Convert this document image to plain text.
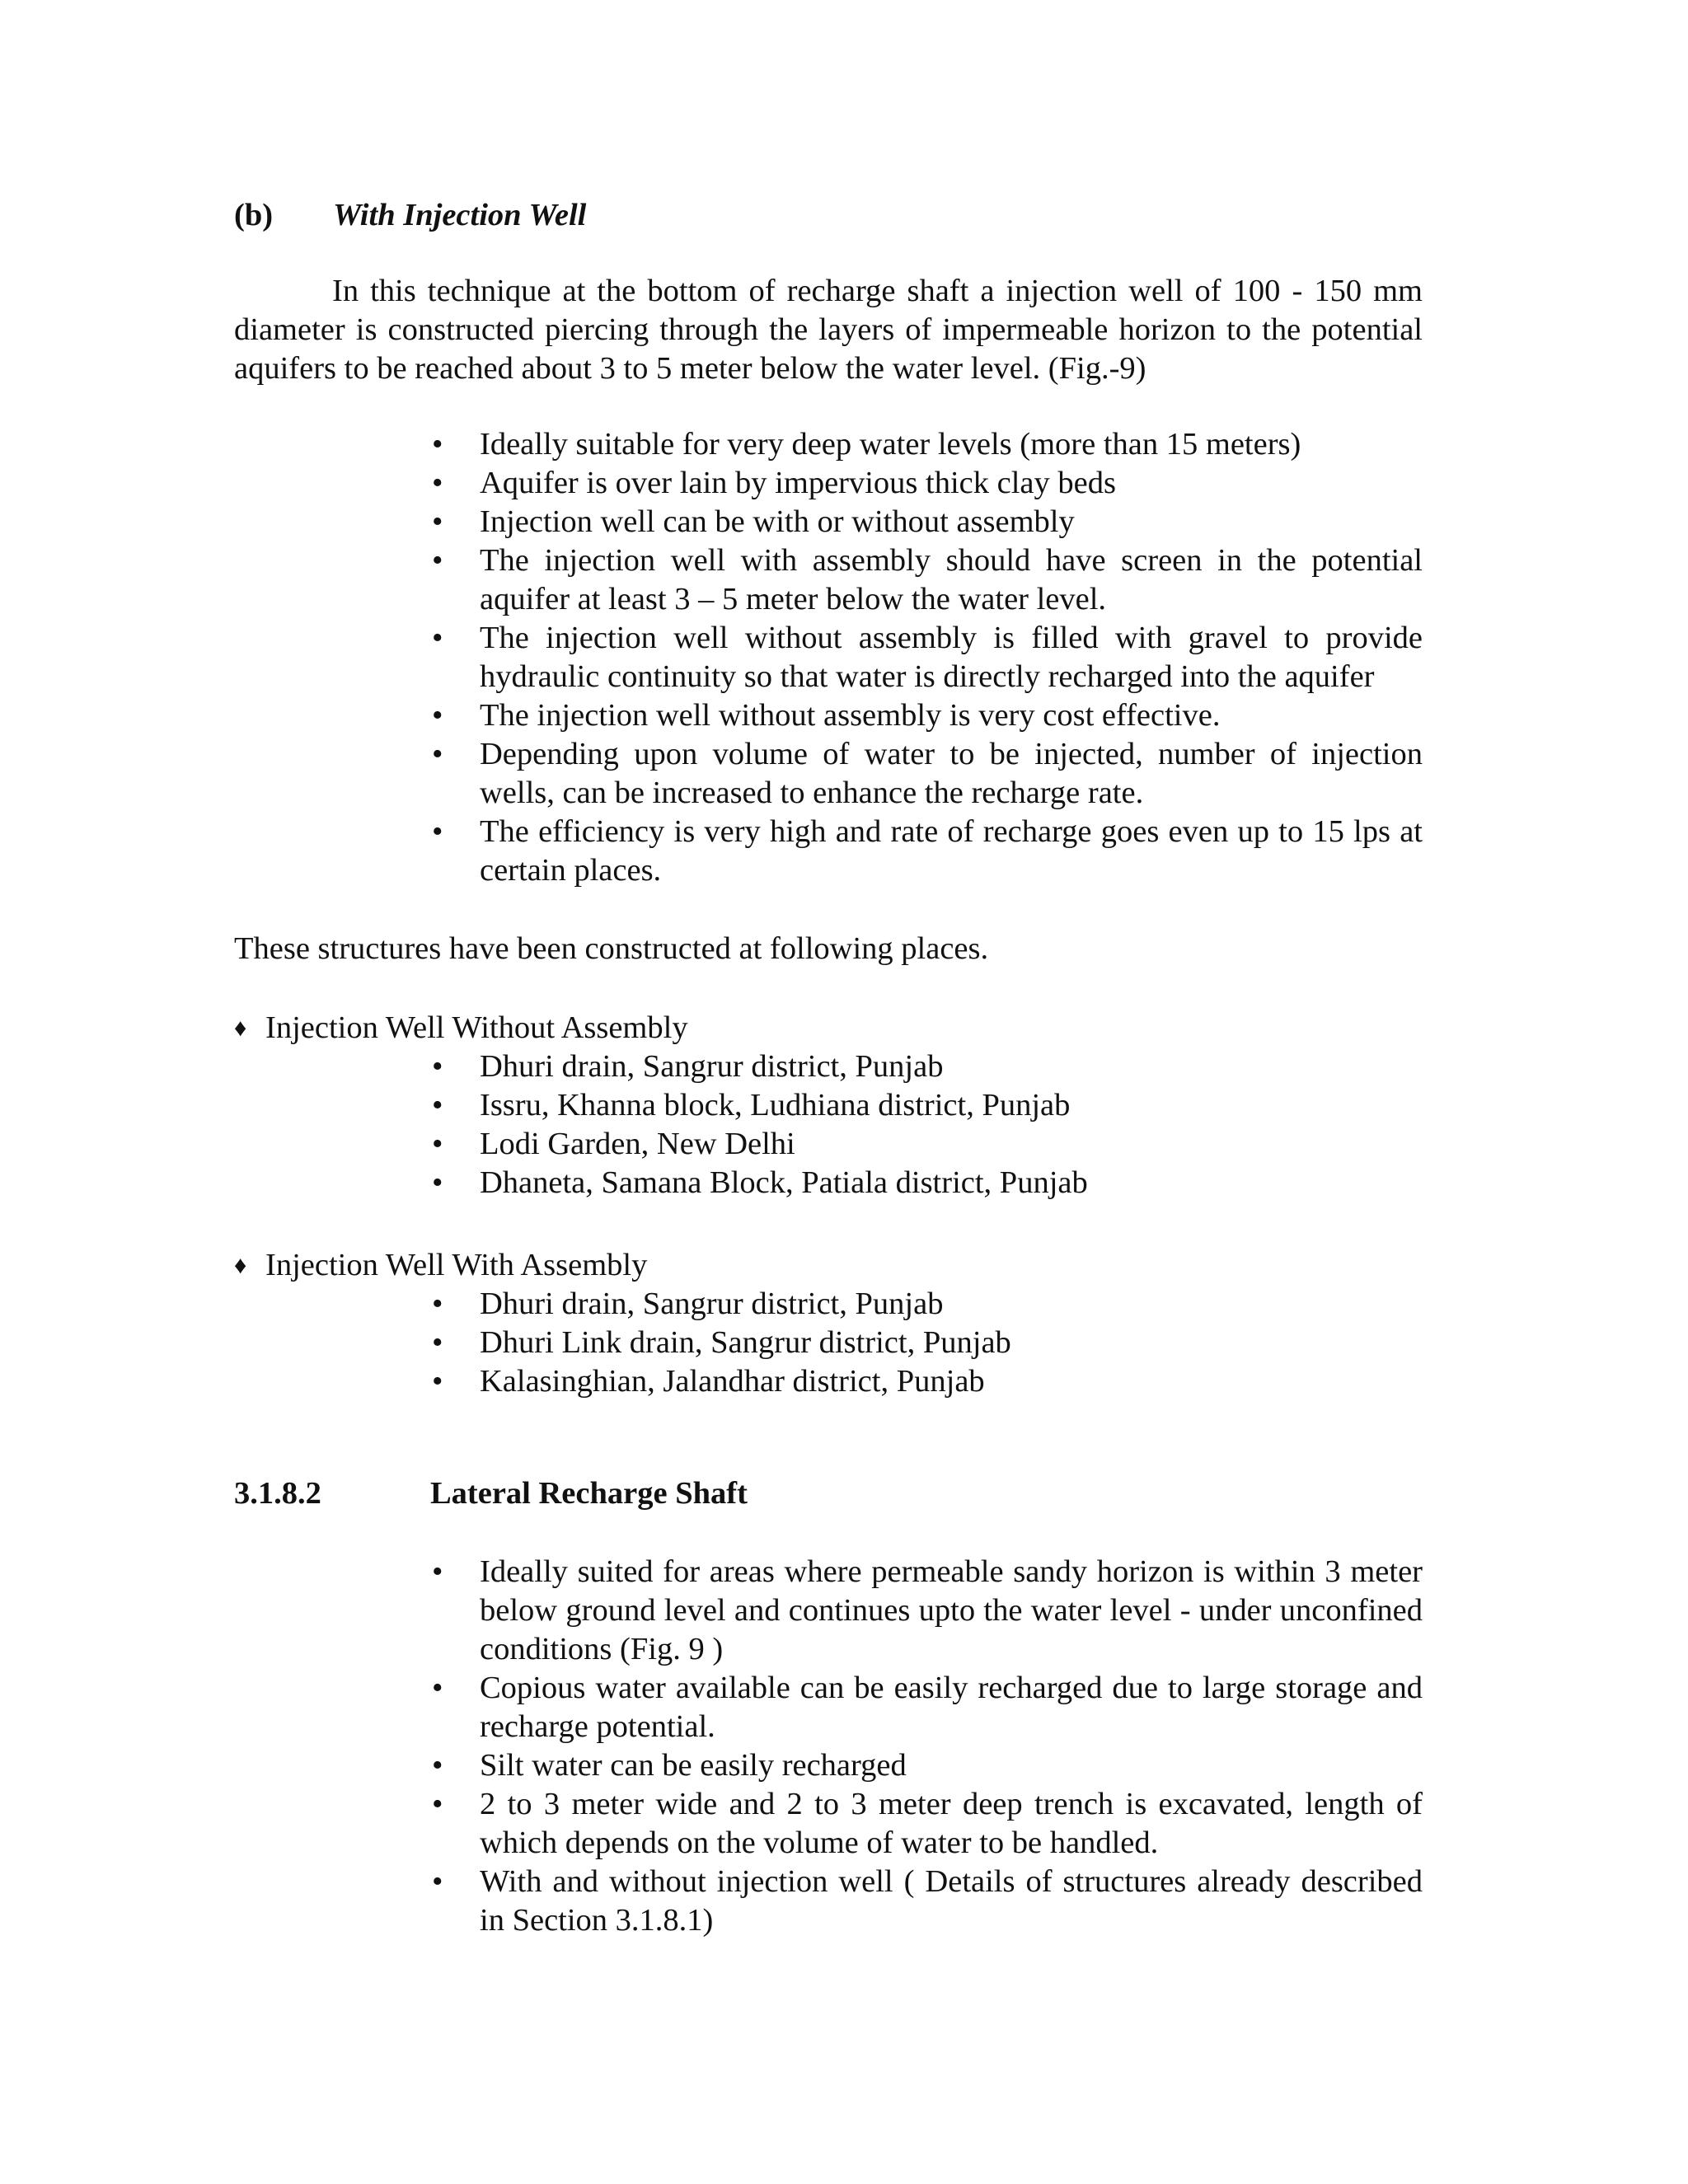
(b) With Injection Well

In this technique at the bottom of recharge shaft a injection well of 100 - 150 mm diameter is constructed piercing through the layers of impermeable horizon to the potential aquifers to be reached about 3 to 5 meter below the water level. (Fig.-9)

• Ideally suitable for very deep water levels (more than 15 meters)
• Aquifer is over lain by impervious thick clay beds
• Injection well can be with or without assembly
• The injection well with assembly should have screen in the potential aquifer at least 3 – 5 meter below the water level.
• The injection well without assembly is filled with gravel to provide hydraulic continuity so that water is directly recharged into the aquifer
• The injection well without assembly is very cost effective.
• Depending upon volume of water to be injected, number of injection wells, can be increased to enhance the recharge rate.
• The efficiency is very high and rate of recharge goes even up to 15 lps at certain places.
These structures have been constructed at following places.
♦ Injection Well Without Assembly
• Dhuri drain, Sangrur district, Punjab
• Issru, Khanna block, Ludhiana district, Punjab
• Lodi Garden, New Delhi
• Dhaneta, Samana Block, Patiala district, Punjab
♦ Injection Well With Assembly
• Dhuri drain, Sangrur district, Punjab
• Dhuri Link drain, Sangrur district, Punjab
• Kalasinghian, Jalandhar district, Punjab
3.1.8.2	Lateral Recharge Shaft
• Ideally suited for areas where permeable sandy horizon is within 3 meter below ground level and continues upto the water level - under unconfined conditions (Fig. 9 )
• Copious water available can be easily recharged due to large storage and recharge potential.
• Silt water can be easily recharged
• 2 to 3 meter wide and 2 to 3 meter deep trench is excavated, length of which depends on the volume of water to be handled.
• With and without injection well ( Details of structures already described in Section 3.1.8.1)
